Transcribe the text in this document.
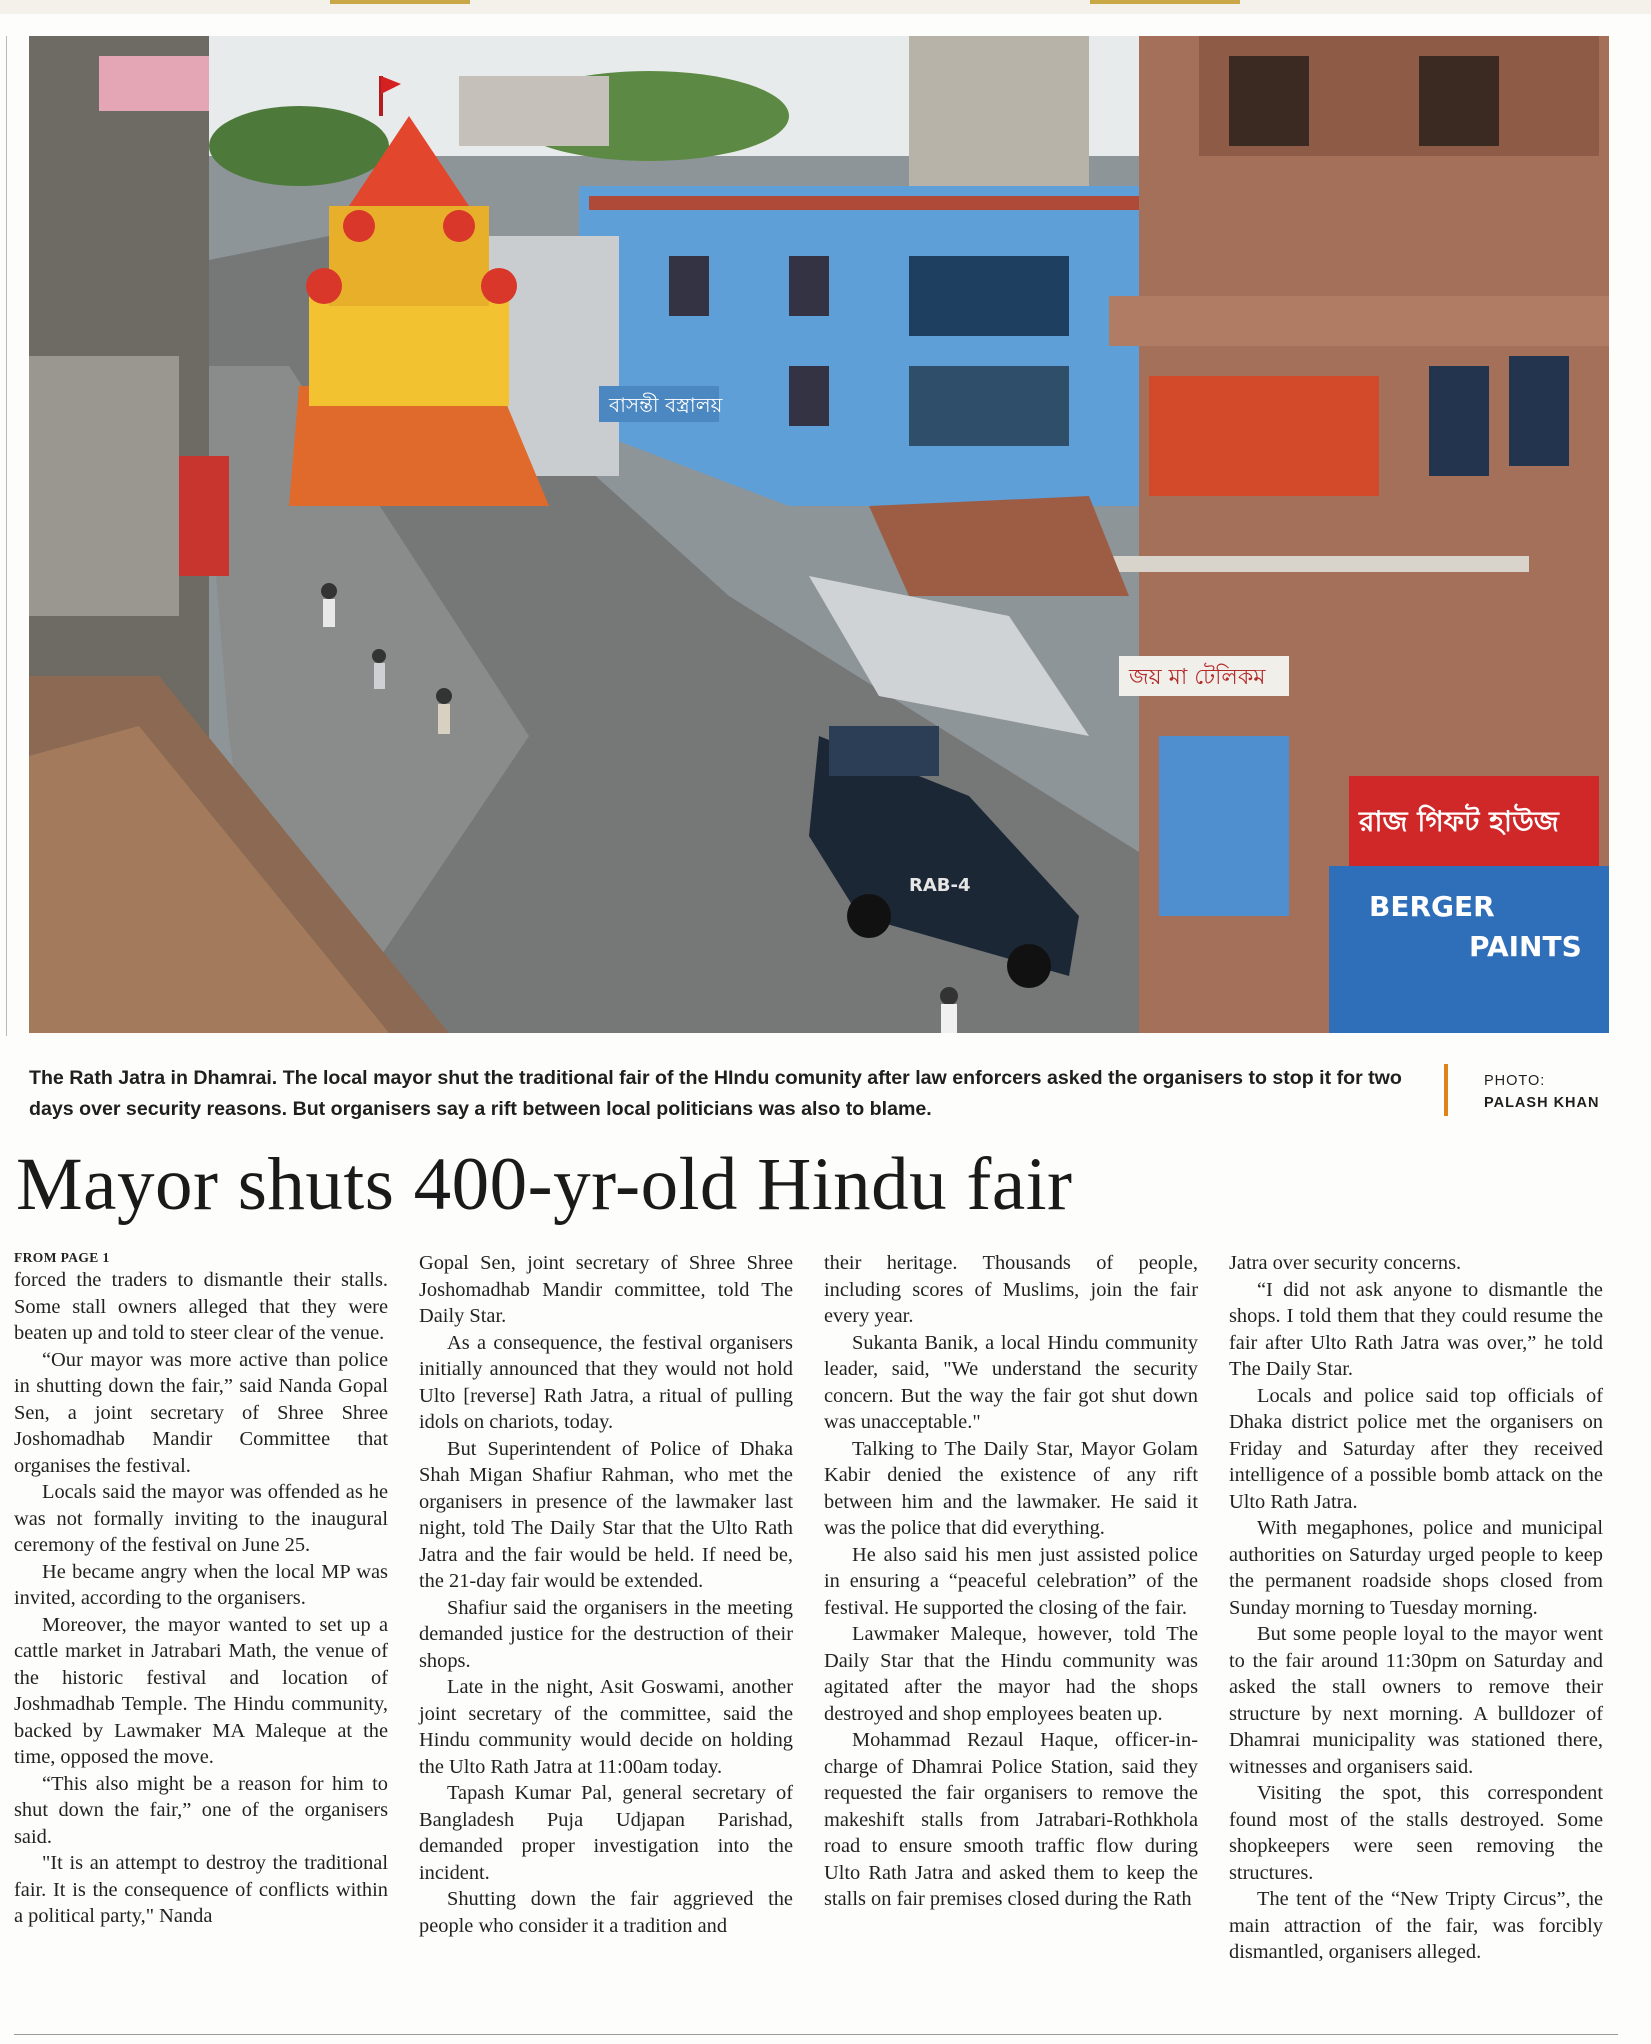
বাসন্তী বস্ত্রালয়
জয় মা টেলিকম
রাজ গিফট হাউজ
BERGER
PAINTS
RAB-4
The Rath Jatra in Dhamrai. The local mayor shut the traditional fair of the HIndu comunity after law enforcers asked the organisers to stop it for two days over security reasons. But organisers say a rift between local politicians was also to blame.
PHOTO:
PALASH KHAN
Mayor shuts 400-yr-old Hindu fair

FROM PAGE 1

forced the traders to dismantle their stalls. Some stall owners alleged that they were beaten up and told to steer clear of the venue.

“Our mayor was more active than police in shutting down the fair,” said Nanda Gopal Sen, a joint secretary of Shree Shree Joshomadhab Mandir Committee that organises the festival.

Locals said the mayor was offended as he was not formally inviting to the inaugural ceremony of the festival on June 25.

He became angry when the local MP was invited, according to the organisers.

Moreover, the mayor wanted to set up a cattle market in Jatrabari Math, the venue of the historic festival and location of Joshmadhab Temple. The Hindu community, backed by Lawmaker MA Maleque at the time, opposed the move.

“This also might be a reason for him to shut down the fair,” one of the organisers said.

"It is an attempt to destroy the traditional fair. It is the consequence of conflicts within a political party," Nanda

Gopal Sen, joint secretary of Shree Shree Joshomadhab Mandir committee, told The Daily Star.

As a consequence, the festival organisers initially announced that they would not hold Ulto [reverse] Rath Jatra, a ritual of pulling idols on chariots, today.

But Superintendent of Police of Dhaka Shah Migan Shafiur Rahman, who met the organisers in presence of the lawmaker last night, told The Daily Star that the Ulto Rath Jatra and the fair would be held. If need be, the 21-day fair would be extended.

Shafiur said the organisers in the meeting demanded justice for the destruction of their shops.

Late in the night, Asit Goswami, another joint secretary of the committee, said the Hindu community would decide on holding the Ulto Rath Jatra at 11:00am today.

Tapash Kumar Pal, general secretary of Bangladesh Puja Udjapan Parishad, demanded proper investigation into the incident.

Shutting down the fair aggrieved the people who consider it a tradition and

their heritage. Thousands of people, including scores of Muslims, join the fair every year.

Sukanta Banik, a local Hindu community leader, said, "We understand the security concern. But the way the fair got shut down was unacceptable."

Talking to The Daily Star, Mayor Golam Kabir denied the existence of any rift between him and the lawmaker. He said it was the police that did everything.

He also said his men just assisted police in ensuring a “peaceful celebration” of the festival. He supported the closing of the fair.

Lawmaker Maleque, however, told The Daily Star that the Hindu community was agitated after the mayor had the shops destroyed and shop employees beaten up.

Mohammad Rezaul Haque, officer-in-charge of Dhamrai Police Station, said they requested the fair organisers to remove the makeshift stalls from Jatrabari-Rothkhola road to ensure smooth traffic flow during Ulto Rath Jatra and asked them to keep the stalls on fair premises closed during the Rath

Jatra over security concerns.

“I did not ask anyone to dismantle the shops. I told them that they could resume the fair after Ulto Rath Jatra was over,” he told The Daily Star.

Locals and police said top officials of Dhaka district police met the organisers on Friday and Saturday after they received intelligence of a possible bomb attack on the Ulto Rath Jatra.

With megaphones, police and municipal authorities on Saturday urged people to keep the permanent roadside shops closed from Sunday morning to Tuesday morning.

But some people loyal to the mayor went to the fair around 11:30pm on Saturday and asked the stall owners to remove their structure by next morning. A bulldozer of Dhamrai municipality was stationed there, witnesses and organisers said.

Visiting the spot, this correspondent found most of the stalls destroyed. Some shopkeepers were seen removing the structures.

The tent of the “New Tripty Circus”, the main attraction of the fair, was forcibly dismantled, organisers alleged.
